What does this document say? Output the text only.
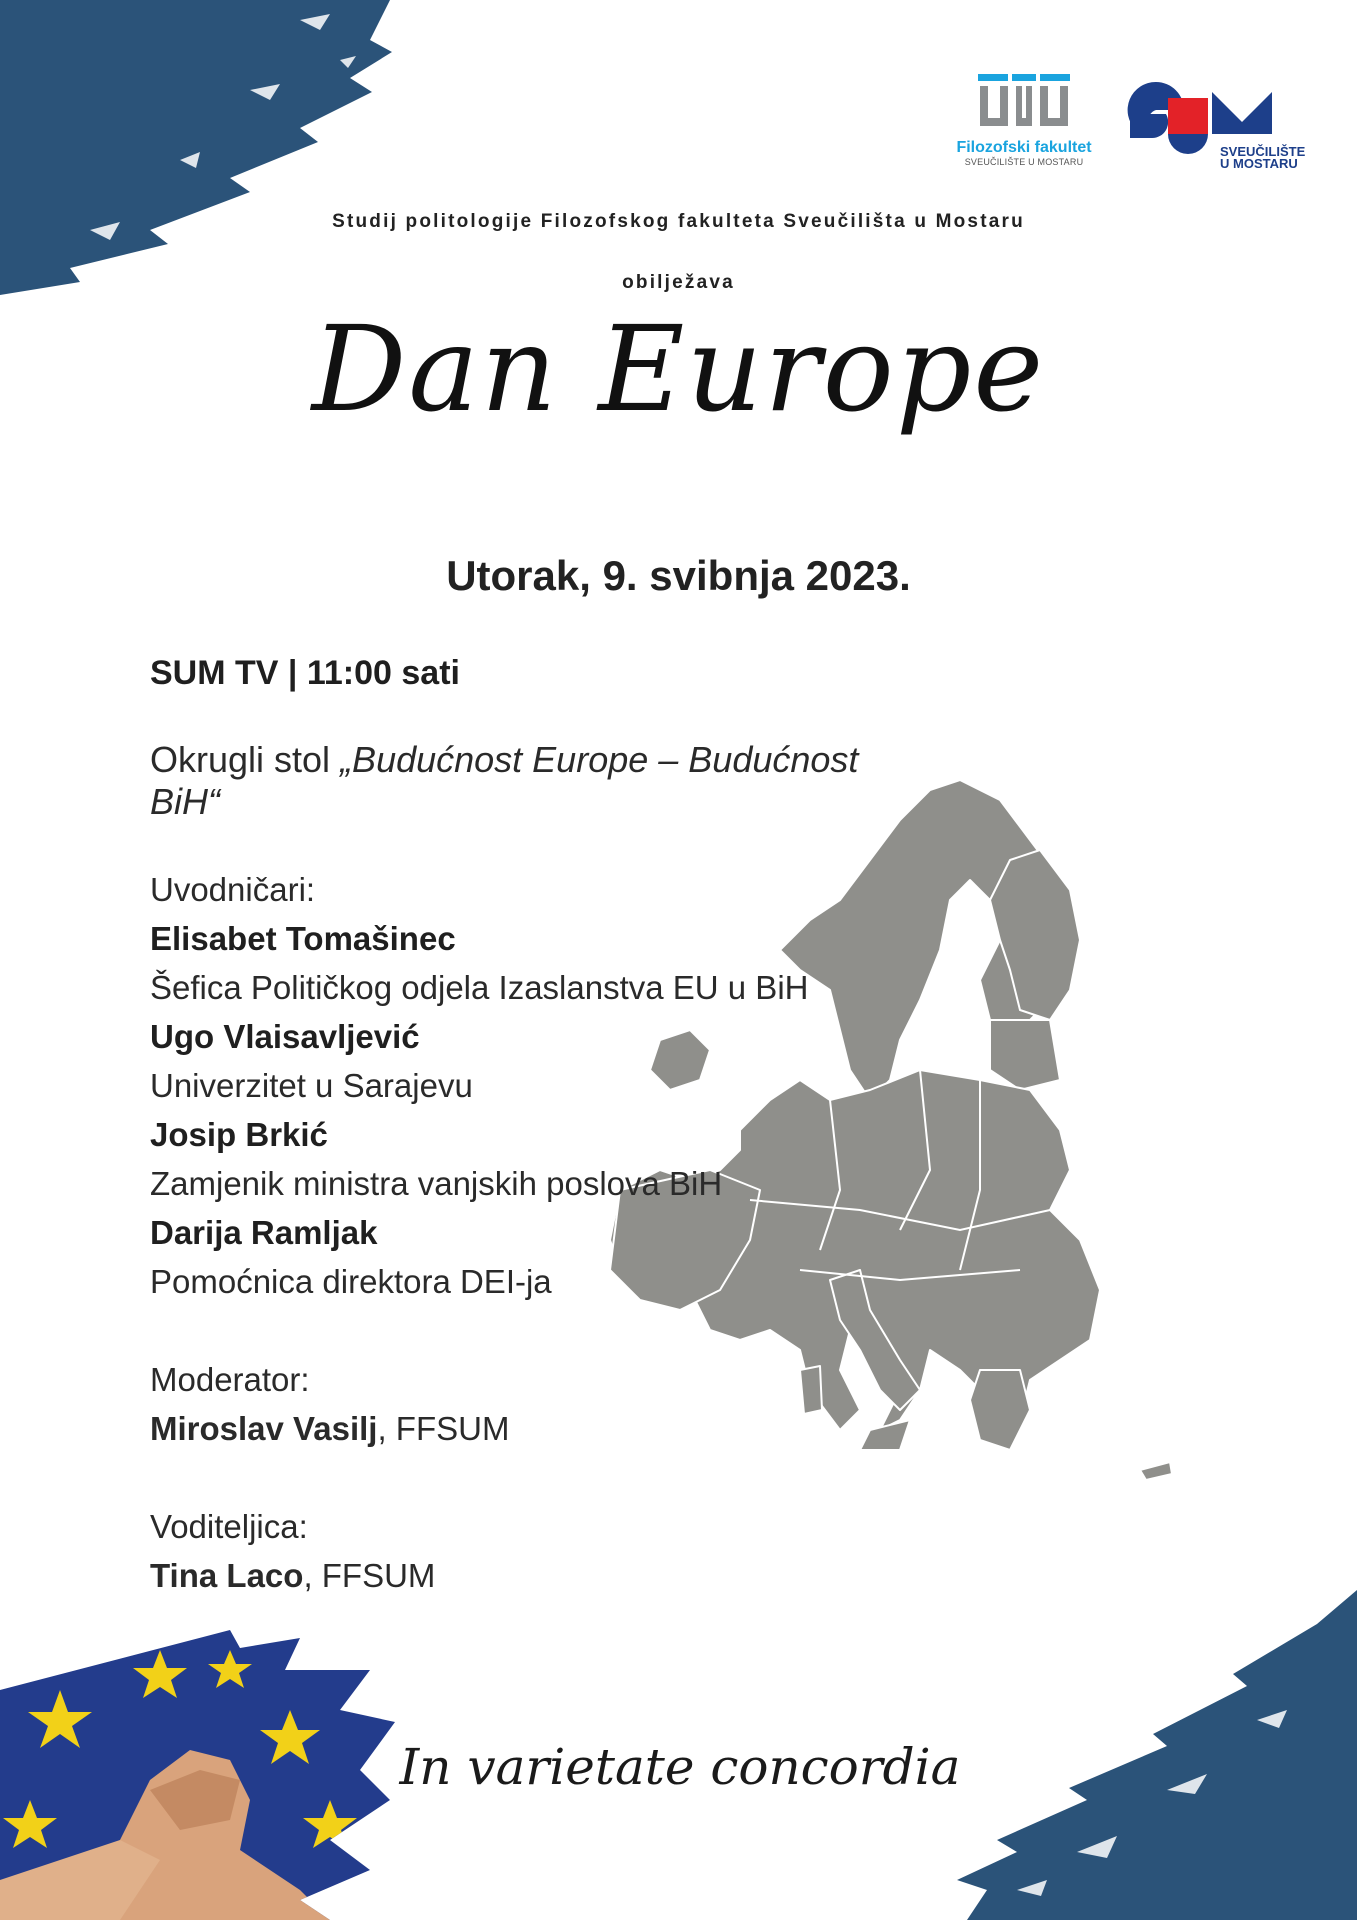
Filozofski fakultet
SVEUČILIŠTE U MOSTARU
SVEUČILIŠTE
U MOSTARU
Studij politologije Filozofskog fakulteta Sveučilišta u Mostaru
obilježava
Dan Europe
Utorak, 9. svibnja 2023.
SUM TV | 11:00 sati
Okrugli stol „Budućnost Europe – Budućnost BiH“
Uvodničari:
Elisabet Tomašinec
Šefica Političkog odjela Izaslanstva EU u BiH
Ugo Vlaisavljević
Univerzitet u Sarajevu
Josip Brkić
Zamjenik ministra vanjskih poslova BiH
Darija Ramljak
Pomoćnica direktora DEI-ja
Moderator:
Miroslav Vasilj, FFSUM
Voditeljica:
Tina Laco, FFSUM
In varietate concordia
